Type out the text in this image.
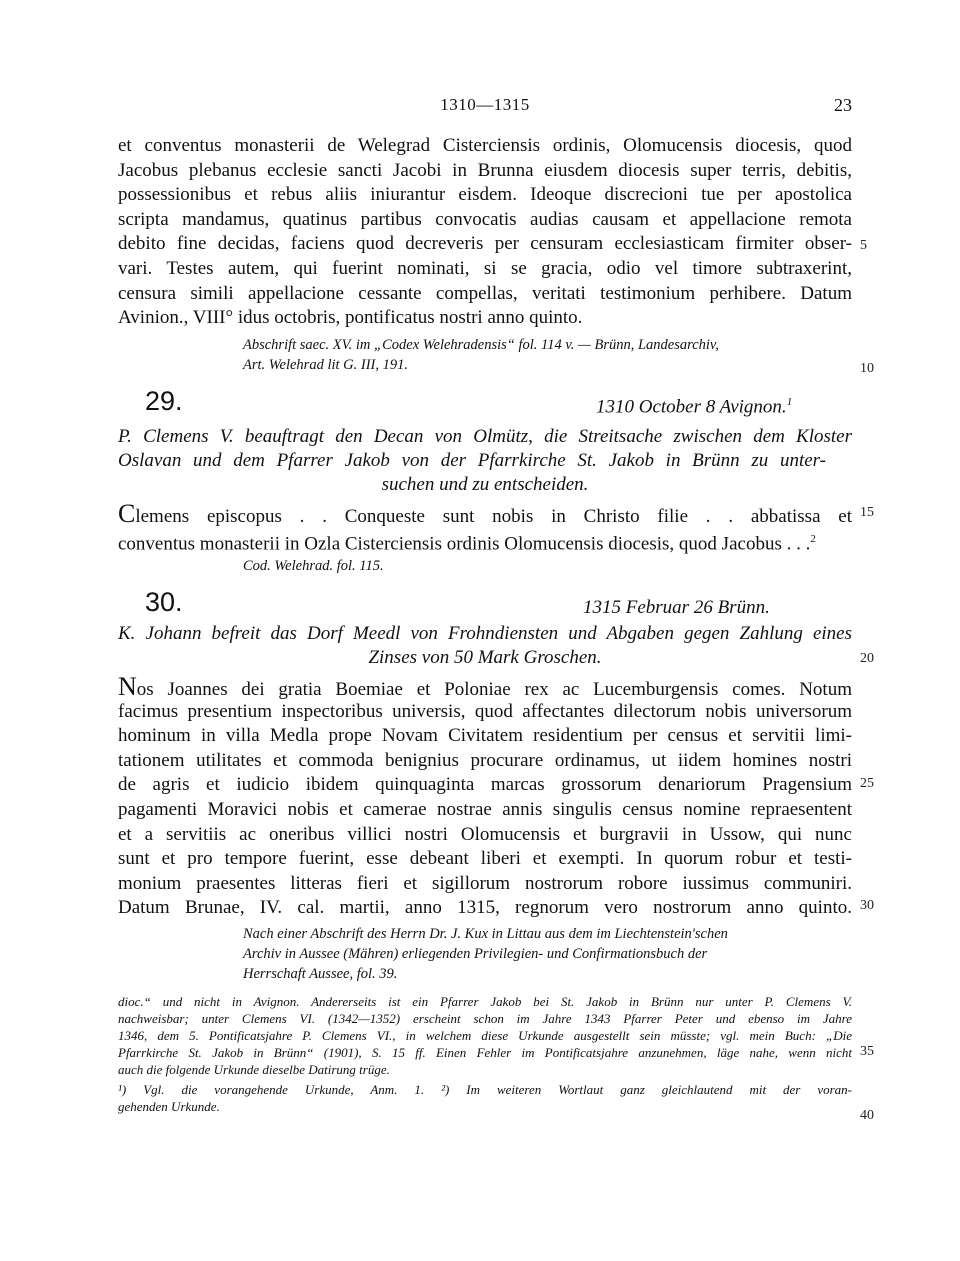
1310—1315	23
et conventus monasterii de Welegrad Cisterciensis ordinis, Olomucensis diocesis, quod
Jacobus plebanus ecclesie sancti Jacobi in Brunna eiusdem diocesis super terris, debitis,
possessionibus et rebus aliis iniurantur eisdem. Ideoque discrecioni tue per apostolica
scripta mandamus, quatinus partibus convocatis audias causam et appellacione remota
debito fine decidas, faciens quod decreveris per censuram ecclesiasticam firmiter obser-
vari. Testes autem, qui fuerint nominati, si se gracia, odio vel timore subtraxerint,
censura simili appellacione cessante compellas, veritati testimonium perhibere. Datum
Avinion., VIII° idus octobris, pontificatus nostri anno quinto.
Abschrift saec. XV. im „Codex Welehradensis“ fol. 114 v. — Brünn, Landesarchiv,
Art. Welehrad lit G. III, 191.
29.	1310 October 8 Avignon.$^1$
P. Clemens V. beauftragt den Decan von Olmütz, die Streitsache zwischen dem Kloster
Oslavan und dem Pfarrer Jakob von der Pfarrkirche St. Jakob in Brünn zu unter-
suchen und zu entscheiden.
Clemens episcopus . . Conqueste sunt nobis in Christo filie . . abbatissa et
conventus monasterii in Ozla Cisterciensis ordinis Olomucensis diocesis, quod Jacobus . . .$^2$
Cod. Welehrad. fol. 115.
30.	1315 Februar 26 Brünn.
K. Johann befreit das Dorf Meedl von Frohndiensten und Abgaben gegen Zahlung eines
Zinses von 50 Mark Groschen.
Nos Joannes dei gratia Boemiae et Poloniae rex ac Lucemburgensis comes. Notum
facimus presentium inspectoribus universis, quod affectantes dilectorum nobis universorum
hominum in villa Medla prope Novam Civitatem residentium per census et servitii limi-
tationem utilitates et commoda benignius procurare ordinamus, ut iidem homines nostri
de agris et iudicio ibidem quinquaginta marcas grossorum denariorum Pragensium
pagamenti Moravici nobis et camerae nostrae annis singulis census nomine repraesentent
et a servitiis ac oneribus villici nostri Olomucensis et burgravii in Ussow, qui nunc
sunt et pro tempore fuerint, esse debeant liberi et exempti. In quorum robur et testi-
monium praesentes litteras fieri et sigillorum nostrorum robore iussimus communiri.
Datum Brunae, IV. cal. martii, anno 1315, regnorum vero nostrorum anno quinto.
Nach einer Abschrift des Herrn Dr. J. Kux in Littau aus dem im Liechtenstein'schen
Archiv in Aussee (Mähren) erliegenden Privilegien- und Confirmationsbuch der
Herrschaft Aussee, fol. 39.
dioc.“ und nicht in Avignon. Andererseits ist ein Pfarrer Jakob bei St. Jakob in Brünn nur unter P. Clemens V.
nachweisbar; unter Clemens VI. (1342—1352) erscheint schon im Jahre 1343 Pfarrer Peter und ebenso im Jahre
1346, dem 5. Pontificatsjahre P. Clemens VI., in welchem diese Urkunde ausgestellt sein müsste; vgl. mein Buch: „Die
Pfarrkirche St. Jakob in Brünn“ (1901), S. 15 ff. Einen Fehler im Pontificatsjahre anzunehmen, läge nahe, wenn nicht
auch die folgende Urkunde dieselbe Datirung trüge.
¹) Vgl. die vorangehende Urkunde, Anm. 1. ²) Im weiteren Wortlaut ganz gleichlautend mit der voran-
gehenden Urkunde.
5
10
15
20
25
30
35
40
